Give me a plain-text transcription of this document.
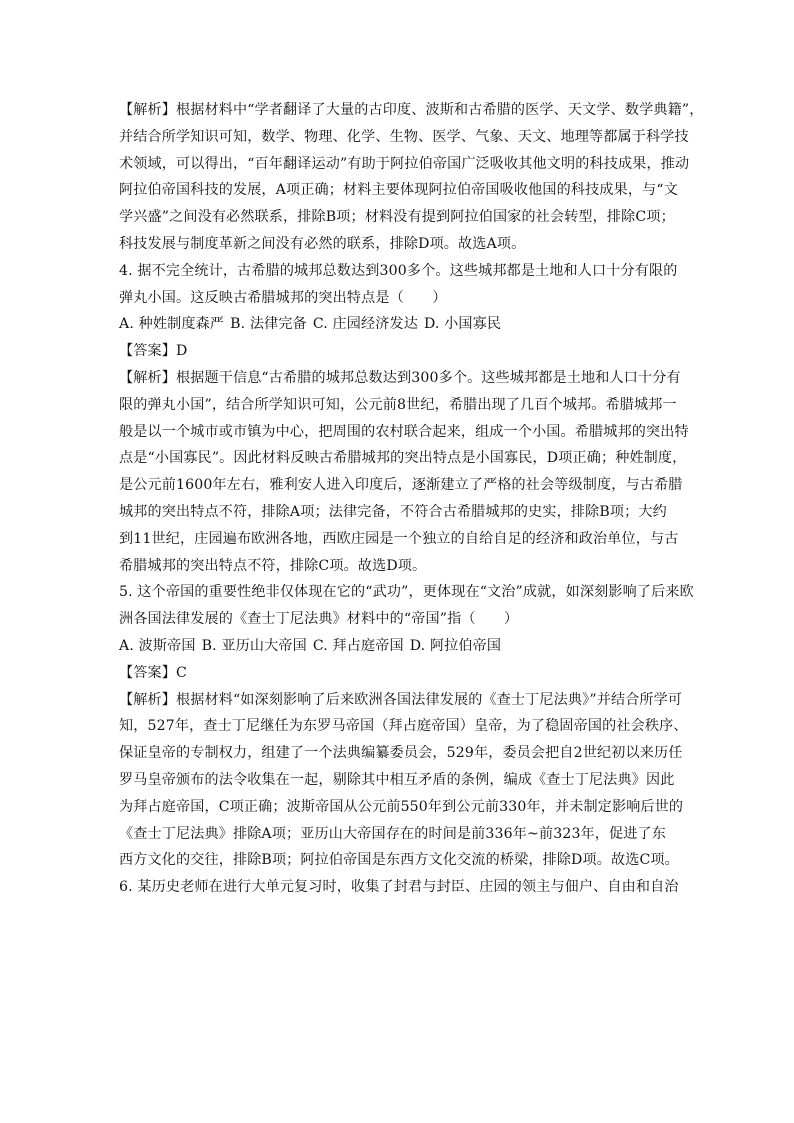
【解析】根据材料中“学者翻译了大量的古印度、波斯和古希腊的医学、天文学、数学典籍”，
并结合所学知识可知，数学、物理、化学、生物、医学、气象、天文、地理等都属于科学技
术领域，可以得出，“百年翻译运动”有助于阿拉伯帝国广泛吸收其他文明的科技成果，推动
阿拉伯帝国科技的发展，A项正确；材料主要体现阿拉伯帝国吸收他国的科技成果，与“文
学兴盛”之间没有必然联系，排除B项；材料没有提到阿拉伯国家的社会转型，排除C项；
科技发展与制度革新之间没有必然的联系，排除D项。故选A项。
4. 据不完全统计，古希腊的城邦总数达到300多个。这些城邦都是土地和人口十分有限的
弹丸小国。这反映古希腊城邦的突出特点是（　　）
A. 种姓制度森严 B. 法律完备 C. 庄园经济发达 D. 小国寡民
【答案】D
【解析】根据题干信息“古希腊的城邦总数达到300多个。这些城邦都是土地和人口十分有
限的弹丸小国”，结合所学知识可知，公元前8世纪，希腊出现了几百个城邦。希腊城邦一
般是以一个城市或市镇为中心，把周围的农村联合起来，组成一个小国。希腊城邦的突出特
点是“小国寡民”。因此材料反映古希腊城邦的突出特点是小国寡民，D项正确；种姓制度，
是公元前1600年左右，雅利安人进入印度后，逐渐建立了严格的社会等级制度，与古希腊
城邦的突出特点不符，排除A项；法律完备，不符合古希腊城邦的史实，排除B项；大约
到11世纪，庄园遍布欧洲各地，西欧庄园是一个独立的自给自足的经济和政治单位，与古
希腊城邦的突出特点不符，排除C项。故选D项。
5. 这个帝国的重要性绝非仅体现在它的“武功”，更体现在“文治”成就，如深刻影响了后来欧
洲各国法律发展的《查士丁尼法典》材料中的“帝国”指（　　）
A. 波斯帝国 B. 亚历山大帝国 C. 拜占庭帝国 D. 阿拉伯帝国
【答案】C
【解析】根据材料“如深刻影响了后来欧洲各国法律发展的《查士丁尼法典》”并结合所学可
知，527年，查士丁尼继任为东罗马帝国（拜占庭帝国）皇帝，为了稳固帝国的社会秩序、
保证皇帝的专制权力，组建了一个法典编纂委员会，529年，委员会把自2世纪初以来历任
罗马皇帝颁布的法令收集在一起，剔除其中相互矛盾的条例，编成《查士丁尼法典》因此
为拜占庭帝国，C项正确；波斯帝国从公元前550年到公元前330年，并未制定影响后世的
《查士丁尼法典》排除A项；亚历山大帝国存在的时间是前336年~前323年，促进了东
西方文化的交往，排除B项；阿拉伯帝国是东西方文化交流的桥梁，排除D项。故选C项。
6. 某历史老师在进行大单元复习时，收集了封君与封臣、庄园的领主与佃户、自由和自治
